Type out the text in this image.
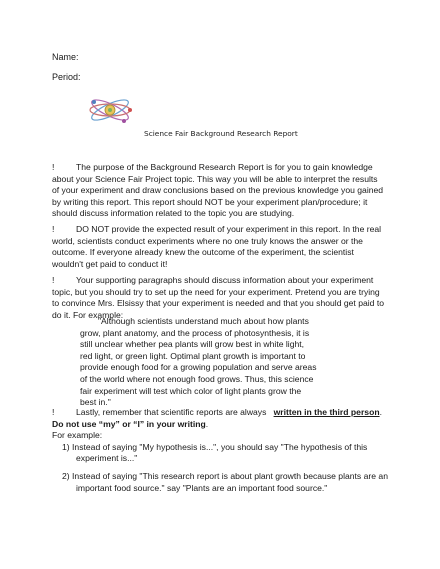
Name:
Period:
Science Fair Background Research Report
!	The purpose of the Background Research Report is for you to gain knowledge
about your Science Fair Project topic. This way you will be able to interpret the results
of your experiment and draw conclusions based on the previous knowledge you gained
by writing this report. This report should NOT be your experiment plan/procedure; it
should discuss information related to the topic you are studying.
!	DO NOT provide the expected result of your experiment in this report. In the real
world, scientists conduct experiments where no one truly knows the answer or the
outcome. If everyone already knew the outcome of the experiment, the scientist
wouldn't get paid to conduct it!
!	Your supporting paragraphs should discuss information about your experiment
topic, but you should try to set up the need for your experiment. Pretend you are trying
to convince Mrs. Elsissy that your experiment is needed and that you should get paid to
do it. For example:
"Although scientists understand much about how plants
grow, plant anatomy, and the process of photosynthesis, it is
still unclear whether pea plants will grow best in white light,
red light, or green light. Optimal plant growth is important to
provide enough food for a growing population and serve areas
of the world where not enough food grows. Thus, this science
fair experiment will test which color of light plants grow the
best in."
!	Lastly, remember that scientific reports are always written in the third person.
Do not use “my” or “I” in your writing.
For example:
1) Instead of saying "My hypothesis is...", you should say "The hypothesis of this
experiment is..."
2) Instead of saying "This research report is about plant growth because plants are an
important food source." say "Plants are an important food source."
